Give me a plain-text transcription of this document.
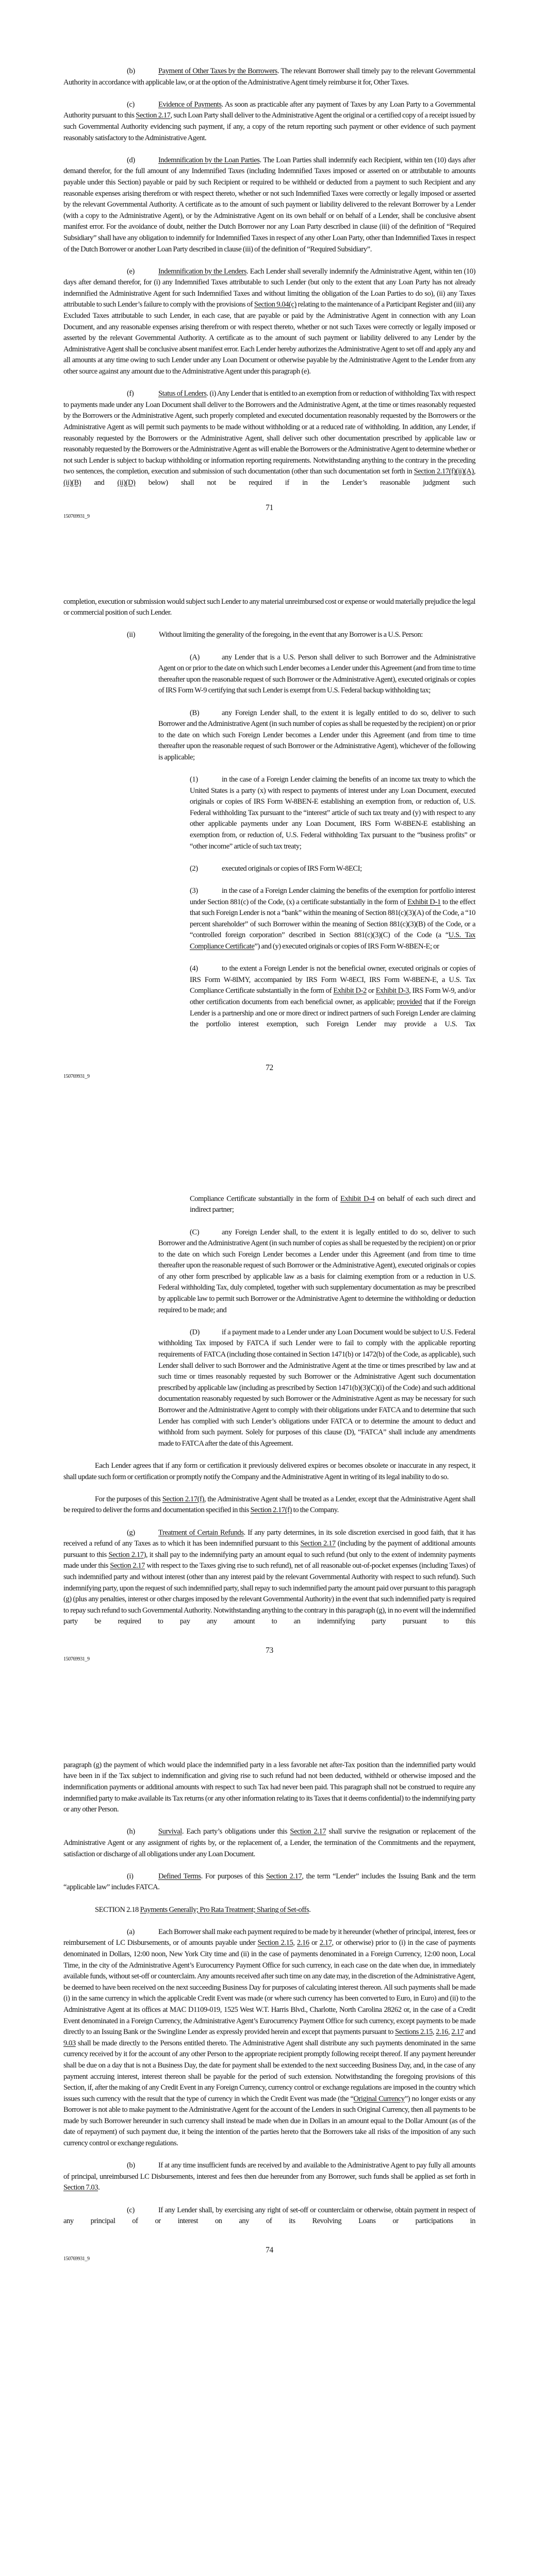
(b)	Payment of Other Taxes by the Borrowers. The relevant Borrower shall timely pay to the relevant Governmental Authority in accordance with applicable law, or at the option of the Administrative Agent timely reimburse it for, Other Taxes.

(c)	Evidence of Payments. As soon as practicable after any payment of Taxes by any Loan Party to a Governmental Authority pursuant to this Section 2.17, such Loan Party shall deliver to the Administrative Agent the original or a certified copy of a receipt issued by such Governmental Authority evidencing such payment, if any, a copy of the return reporting such payment or other evidence of such payment reasonably satisfactory to the Administrative Agent.

(d)	Indemnification by the Loan Parties. The Loan Parties shall indemnify each Recipient, within ten (10) days after demand therefor, for the full amount of any Indemnified Taxes (including Indemnified Taxes imposed or asserted on or attributable to amounts payable under this Section) payable or paid by such Recipient or required to be withheld or deducted from a payment to such Recipient and any reasonable expenses arising therefrom or with respect thereto, whether or not such Indemnified Taxes were correctly or legally imposed or asserted by the relevant Governmental Authority. A certificate as to the amount of such payment or liability delivered to the relevant Borrower by a Lender (with a copy to the Administrative Agent), or by the Administrative Agent on its own behalf or on behalf of a Lender, shall be conclusive absent manifest error. For the avoidance of doubt, neither the Dutch Borrower nor any Loan Party described in clause (iii) of the definition of “Required Subsidiary” shall have any obligation to indemnify for Indemnified Taxes in respect of any other Loan Party, other than Indemnified Taxes in respect of the Dutch Borrower or another Loan Party described in clause (iii) of the definition of “Required Subsidiary”.

(e)	Indemnification by the Lenders. Each Lender shall severally indemnify the Administrative Agent, within ten (10) days after demand therefor, for (i) any Indemnified Taxes attributable to such Lender (but only to the extent that any Loan Party has not already indemnified the Administrative Agent for such Indemnified Taxes and without limiting the obligation of the Loan Parties to do so), (ii) any Taxes attributable to such Lender’s failure to comply with the provisions of Section 9.04(c) relating to the maintenance of a Participant Register and (iii) any Excluded Taxes attributable to such Lender, in each case, that are payable or paid by the Administrative Agent in connection with any Loan Document, and any reasonable expenses arising therefrom or with respect thereto, whether or not such Taxes were correctly or legally imposed or asserted by the relevant Governmental Authority. A certificate as to the amount of such payment or liability delivered to any Lender by the Administrative Agent shall be conclusive absent manifest error. Each Lender hereby authorizes the Administrative Agent to set off and apply any and all amounts at any time owing to such Lender under any Loan Document or otherwise payable by the Administrative Agent to the Lender from any other source against any amount due to the Administrative Agent under this paragraph (e).

(f)	Status of Lenders. (i) Any Lender that is entitled to an exemption from or reduction of withholding Tax with respect to payments made under any Loan Document shall deliver to the Borrowers and the Administrative Agent, at the time or times reasonably requested by the Borrowers or the Administrative Agent, such properly completed and executed documentation reasonably requested by the Borrowers or the Administrative Agent as will permit such payments to be made without withholding or at a reduced rate of withholding. In addition, any Lender, if reasonably requested by the Borrowers or the Administrative Agent, shall deliver such other documentation prescribed by applicable law or reasonably requested by the Borrowers or the Administrative Agent as will enable the Borrowers or the Administrative Agent to determine whether or not such Lender is subject to backup withholding or information reporting requirements. Notwithstanding anything to the contrary in the preceding two sentences, the completion, execution and submission of such documentation (other than such documentation set forth in Section 2.17(f)(ii)(A), (ii)(B) and (ii)(D) below) shall not be required if in the Lender’s reasonable judgment such

71
150769931_9

completion, execution or submission would subject such Lender to any material unreimbursed cost or expense or would materially prejudice the legal or commercial position of such Lender.

(ii)	Without limiting the generality of the foregoing, in the event that any Borrower is a U.S. Person:

(A)	any Lender that is a U.S. Person shall deliver to such Borrower and the Administrative Agent on or prior to the date on which such Lender becomes a Lender under this Agreement (and from time to time thereafter upon the reasonable request of such Borrower or the Administrative Agent), executed originals or copies of IRS Form W-9 certifying that such Lender is exempt from U.S. Federal backup withholding tax;

(B)	any Foreign Lender shall, to the extent it is legally entitled to do so, deliver to such Borrower and the Administrative Agent (in such number of copies as shall be requested by the recipient) on or prior to the date on which such Foreign Lender becomes a Lender under this Agreement (and from time to time thereafter upon the reasonable request of such Borrower or the Administrative Agent), whichever of the following is applicable;

(1)	in the case of a Foreign Lender claiming the benefits of an income tax treaty to which the United States is a party (x) with respect to payments of interest under any Loan Document, executed originals or copies of IRS Form W-8BEN-E establishing an exemption from, or reduction of, U.S. Federal withholding Tax pursuant to the “interest” article of such tax treaty and (y) with respect to any other applicable payments under any Loan Document, IRS Form W-8BEN-E establishing an exemption from, or reduction of, U.S. Federal withholding Tax pursuant to the “business profits” or “other income” article of such tax treaty;

(2)	executed originals or copies of IRS Form W-8ECI;

(3)	in the case of a Foreign Lender claiming the benefits of the exemption for portfolio interest under Section 881(c) of the Code, (x) a certificate substantially in the form of Exhibit D-1 to the effect that such Foreign Lender is not a “bank” within the meaning of Section 881(c)(3)(A) of the Code, a “10 percent shareholder” of such Borrower within the meaning of Section 881(c)(3)(B) of the Code, or a “controlled foreign corporation” described in Section 881(c)(3)(C) of the Code (a “U.S. Tax Compliance Certificate”) and (y) executed originals or copies of IRS Form W-8BEN-E; or

(4)	to the extent a Foreign Lender is not the beneficial owner, executed originals or copies of IRS Form W-8IMY, accompanied by IRS Form W-8ECI, IRS Form W-8BEN-E, a U.S. Tax Compliance Certificate substantially in the form of Exhibit D-2 or Exhibit D-3, IRS Form W-9, and/or other certification documents from each beneficial owner, as applicable; provided that if the Foreign Lender is a partnership and one or more direct or indirect partners of such Foreign Lender are claiming the portfolio interest exemption, such Foreign Lender may provide a U.S. Tax

72
150769931_9

Compliance Certificate substantially in the form of Exhibit D-4 on behalf of each such direct and indirect partner;

(C)	any Foreign Lender shall, to the extent it is legally entitled to do so, deliver to such Borrower and the Administrative Agent (in such number of copies as shall be requested by the recipient) on or prior to the date on which such Foreign Lender becomes a Lender under this Agreement (and from time to time thereafter upon the reasonable request of such Borrower or the Administrative Agent), executed originals or copies of any other form prescribed by applicable law as a basis for claiming exemption from or a reduction in U.S. Federal withholding Tax, duly completed, together with such supplementary documentation as may be prescribed by applicable law to permit such Borrower or the Administrative Agent to determine the withholding or deduction required to be made; and

(D)	if a payment made to a Lender under any Loan Document would be subject to U.S. Federal withholding Tax imposed by FATCA if such Lender were to fail to comply with the applicable reporting requirements of FATCA (including those contained in Section 1471(b) or 1472(b) of the Code, as applicable), such Lender shall deliver to such Borrower and the Administrative Agent at the time or times prescribed by law and at such time or times reasonably requested by such Borrower or the Administrative Agent such documentation prescribed by applicable law (including as prescribed by Section 1471(b)(3)(C)(i) of the Code) and such additional documentation reasonably requested by such Borrower or the Administrative Agent as may be necessary for such Borrower and the Administrative Agent to comply with their obligations under FATCA and to determine that such Lender has complied with such Lender’s obligations under FATCA or to determine the amount to deduct and withhold from such payment. Solely for purposes of this clause (D), “FATCA” shall include any amendments made to FATCA after the date of this Agreement.

Each Lender agrees that if any form or certification it previously delivered expires or becomes obsolete or inaccurate in any respect, it shall update such form or certification or promptly notify the Company and the Administrative Agent in writing of its legal inability to do so.

For the purposes of this Section 2.17(f), the Administrative Agent shall be treated as a Lender, except that the Administrative Agent shall be required to deliver the forms and documentation specified in this Section 2.17(f) to the Company.

(g)	Treatment of Certain Refunds. If any party determines, in its sole discretion exercised in good faith, that it has received a refund of any Taxes as to which it has been indemnified pursuant to this Section 2.17 (including by the payment of additional amounts pursuant to this Section 2.17), it shall pay to the indemnifying party an amount equal to such refund (but only to the extent of indemnity payments made under this Section 2.17 with respect to the Taxes giving rise to such refund), net of all reasonable out-of-pocket expenses (including Taxes) of such indemnified party and without interest (other than any interest paid by the relevant Governmental Authority with respect to such refund). Such indemnifying party, upon the request of such indemnified party, shall repay to such indemnified party the amount paid over pursuant to this paragraph (g) (plus any penalties, interest or other charges imposed by the relevant Governmental Authority) in the event that such indemnified party is required to repay such refund to such Governmental Authority. Notwithstanding anything to the contrary in this paragraph (g), in no event will the indemnified party be required to pay any amount to an indemnifying party pursuant to this

73
150769931_9

paragraph (g) the payment of which would place the indemnified party in a less favorable net after-Tax position than the indemnified party would have been in if the Tax subject to indemnification and giving rise to such refund had not been deducted, withheld or otherwise imposed and the indemnification payments or additional amounts with respect to such Tax had never been paid. This paragraph shall not be construed to require any indemnified party to make available its Tax returns (or any other information relating to its Taxes that it deems confidential) to the indemnifying party or any other Person.

(h)	Survival. Each party’s obligations under this Section 2.17 shall survive the resignation or replacement of the Administrative Agent or any assignment of rights by, or the replacement of, a Lender, the termination of the Commitments and the repayment, satisfaction or discharge of all obligations under any Loan Document.

(i)	Defined Terms. For purposes of this Section 2.17, the term “Lender” includes the Issuing Bank and the term “applicable law” includes FATCA.

SECTION 2.18 Payments Generally; Pro Rata Treatment; Sharing of Set-offs.

(a)	Each Borrower shall make each payment required to be made by it hereunder (whether of principal, interest, fees or reimbursement of LC Disbursements, or of amounts payable under Section 2.15, 2.16 or 2.17, or otherwise) prior to (i) in the case of payments denominated in Dollars, 12:00 noon, New York City time and (ii) in the case of payments denominated in a Foreign Currency, 12:00 noon, Local Time, in the city of the Administrative Agent’s Eurocurrency Payment Office for such currency, in each case on the date when due, in immediately available funds, without set-off or counterclaim. Any amounts received after such time on any date may, in the discretion of the Administrative Agent, be deemed to have been received on the next succeeding Business Day for purposes of calculating interest thereon. All such payments shall be made (i) in the same currency in which the applicable Credit Event was made (or where such currency has been converted to Euro, in Euro) and (ii) to the Administrative Agent at its offices at MAC D1109-019, 1525 West W.T. Harris Blvd., Charlotte, North Carolina 28262 or, in the case of a Credit Event denominated in a Foreign Currency, the Administrative Agent’s Eurocurrency Payment Office for such currency, except payments to be made directly to an Issuing Bank or the Swingline Lender as expressly provided herein and except that payments pursuant to Sections 2.15, 2.16, 2.17 and 9.03 shall be made directly to the Persons entitled thereto. The Administrative Agent shall distribute any such payments denominated in the same currency received by it for the account of any other Person to the appropriate recipient promptly following receipt thereof. If any payment hereunder shall be due on a day that is not a Business Day, the date for payment shall be extended to the next succeeding Business Day, and, in the case of any payment accruing interest, interest thereon shall be payable for the period of such extension. Notwithstanding the foregoing provisions of this Section, if, after the making of any Credit Event in any Foreign Currency, currency control or exchange regulations are imposed in the country which issues such currency with the result that the type of currency in which the Credit Event was made (the “Original Currency”) no longer exists or any Borrower is not able to make payment to the Administrative Agent for the account of the Lenders in such Original Currency, then all payments to be made by such Borrower hereunder in such currency shall instead be made when due in Dollars in an amount equal to the Dollar Amount (as of the date of repayment) of such payment due, it being the intention of the parties hereto that the Borrowers take all risks of the imposition of any such currency control or exchange regulations.

(b)	If at any time insufficient funds are received by and available to the Administrative Agent to pay fully all amounts of principal, unreimbursed LC Disbursements, interest and fees then due hereunder from any Borrower, such funds shall be applied as set forth in Section 7.03.

(c)	If any Lender shall, by exercising any right of set-off or counterclaim or otherwise, obtain payment in respect of any principal of or interest on any of its Revolving Loans or participations in

74
150769931_9
